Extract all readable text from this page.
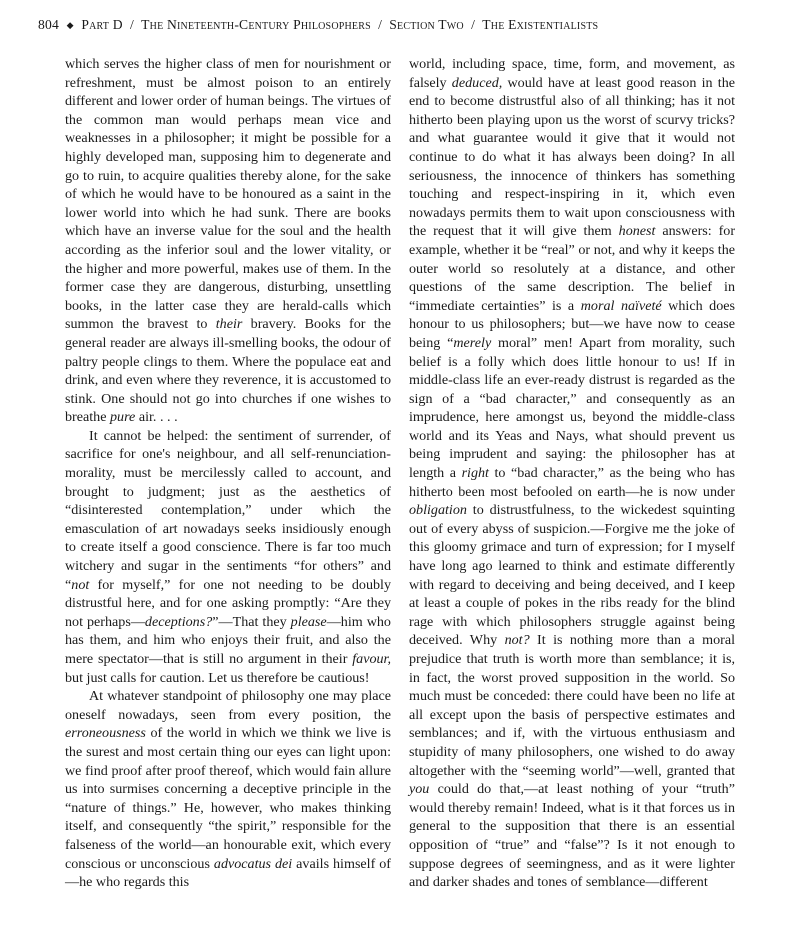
804 ◆ Part D / The Nineteenth-Century Philosophers / Section Two / The Existentialists

which serves the higher class of men for nourishment or refreshment, must be almost poison to an entirely different and lower order of human beings. The virtues of the common man would perhaps mean vice and weaknesses in a philosopher; it might be possible for a highly developed man, supposing him to degenerate and go to ruin, to acquire qualities thereby alone, for the sake of which he would have to be honoured as a saint in the lower world into which he had sunk. There are books which have an inverse value for the soul and the health according as the inferior soul and the lower vitality, or the higher and more powerful, makes use of them. In the former case they are dangerous, disturbing, unsettling books, in the latter case they are herald-calls which summon the bravest to their bravery. Books for the general reader are always ill-smelling books, the odour of paltry people clings to them. Where the populace eat and drink, and even where they reverence, it is accustomed to stink. One should not go into churches if one wishes to breathe pure air. . . .

It cannot be helped: the sentiment of surrender, of sacrifice for one's neighbour, and all self-renunciation-morality, must be mercilessly called to account, and brought to judgment; just as the aesthetics of “disinterested contemplation,” under which the emasculation of art nowadays seeks insidiously enough to create itself a good conscience. There is far too much witchery and sugar in the sentiments “for others” and “not for myself,” for one not needing to be doubly distrustful here, and for one asking promptly: “Are they not perhaps—deceptions?”—That they please—him who has them, and him who enjoys their fruit, and also the mere spectator—that is still no argument in their favour, but just calls for caution. Let us therefore be cautious!

At whatever standpoint of philosophy one may place oneself nowadays, seen from every position, the erroneousness of the world in which we think we live is the surest and most certain thing our eyes can light upon: we find proof after proof thereof, which would fain allure us into surmises concerning a deceptive principle in the “nature of things.” He, however, who makes thinking itself, and consequently “the spirit,” responsible for the falseness of the world—an honourable exit, which every conscious or unconscious advocatus dei avails himself of—he who regards this

world, including space, time, form, and movement, as falsely deduced, would have at least good reason in the end to become distrustful also of all thinking; has it not hitherto been playing upon us the worst of scurvy tricks? and what guarantee would it give that it would not continue to do what it has always been doing? In all seriousness, the innocence of thinkers has something touching and respect-inspiring in it, which even nowadays permits them to wait upon consciousness with the request that it will give them honest answers: for example, whether it be “real” or not, and why it keeps the outer world so resolutely at a distance, and other questions of the same description. The belief in “immediate certainties” is a moral naïveté which does honour to us philosophers; but—we have now to cease being “merely moral” men! Apart from morality, such belief is a folly which does little honour to us! If in middle-class life an ever-ready distrust is regarded as the sign of a “bad character,” and consequently as an imprudence, here amongst us, beyond the middle-class world and its Yeas and Nays, what should prevent us being imprudent and saying: the philosopher has at length a right to “bad character,” as the being who has hitherto been most befooled on earth—he is now under obligation to distrustfulness, to the wickedest squinting out of every abyss of suspicion.—Forgive me the joke of this gloomy grimace and turn of expression; for I myself have long ago learned to think and estimate differently with regard to deceiving and being deceived, and I keep at least a couple of pokes in the ribs ready for the blind rage with which philosophers struggle against being deceived. Why not? It is nothing more than a moral prejudice that truth is worth more than semblance; it is, in fact, the worst proved supposition in the world. So much must be conceded: there could have been no life at all except upon the basis of perspective estimates and semblances; and if, with the virtuous enthusiasm and stupidity of many philosophers, one wished to do away altogether with the “seeming world”—well, granted that you could do that,—at least nothing of your “truth” would thereby remain! Indeed, what is it that forces us in general to the supposition that there is an essential opposition of “true” and “false”? Is it not enough to suppose degrees of seemingness, and as it were lighter and darker shades and tones of semblance—different
